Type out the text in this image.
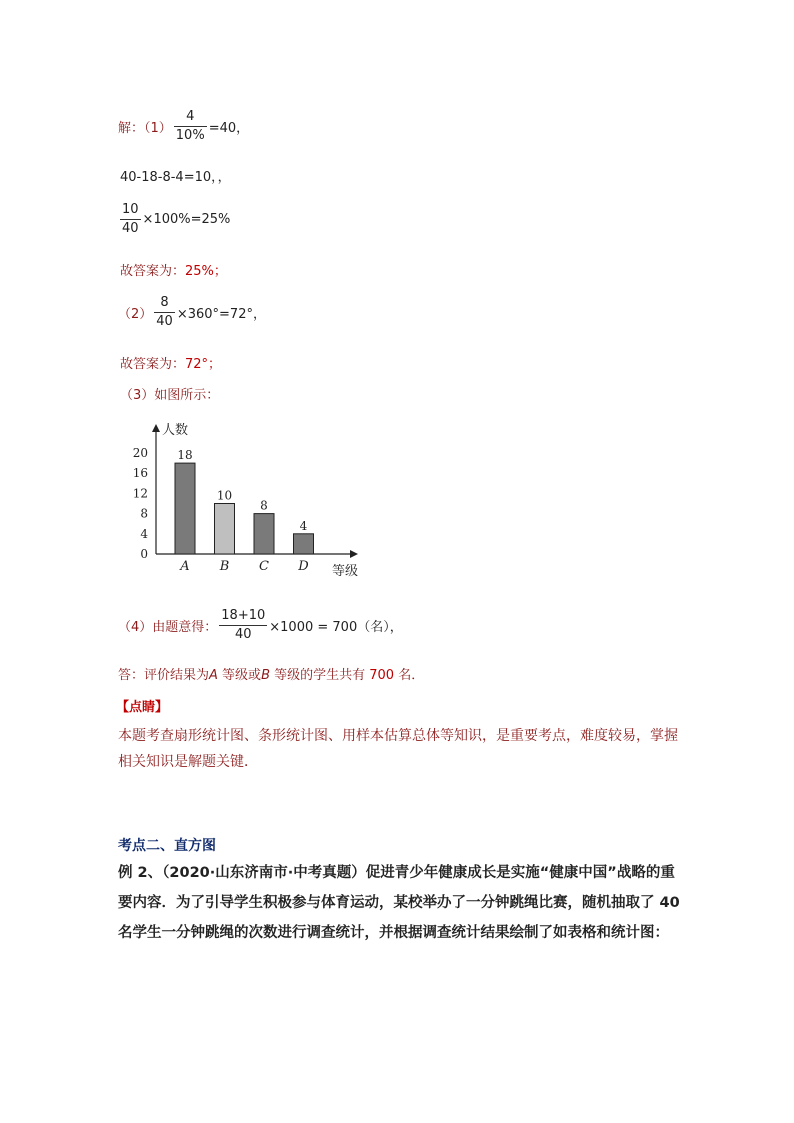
解：$(1) \frac{4}{10\%} =40$，
40-18-8-4=10，，
$\frac{10}{40} \times 100\%=25\%$
故答案为：25%；
$(2) \frac{8}{40} \times 360^\circ=72^\circ$，
故答案为：72°；
（3）如图所示：
人数
等级
0
4
8
12
16
20 18
A
10
B
8
C
4
D
（4）由题意得： $\frac{18+10}{40} \times 1000 = 700$（名），
答：评价结果为A 等级或B 等级的学生共有 700 名．
【点睛】
本题考查扇形统计图、条形统计图、用样本估算总体等知识，是重要考点，难度较易，掌握相关知识是解题关键．
考点二、直方图
例 2、（2020·山东济南市·中考真题）促进青少年健康成长是实施“健康中国”战略的重要内容．为了引导学生积极参与体育运动，某校举办了一分钟跳绳比赛，随机抽取了 40 名学生一分钟跳绳的次数进行调查统计，并根据调查统计结果绘制了如表格和统计图：
